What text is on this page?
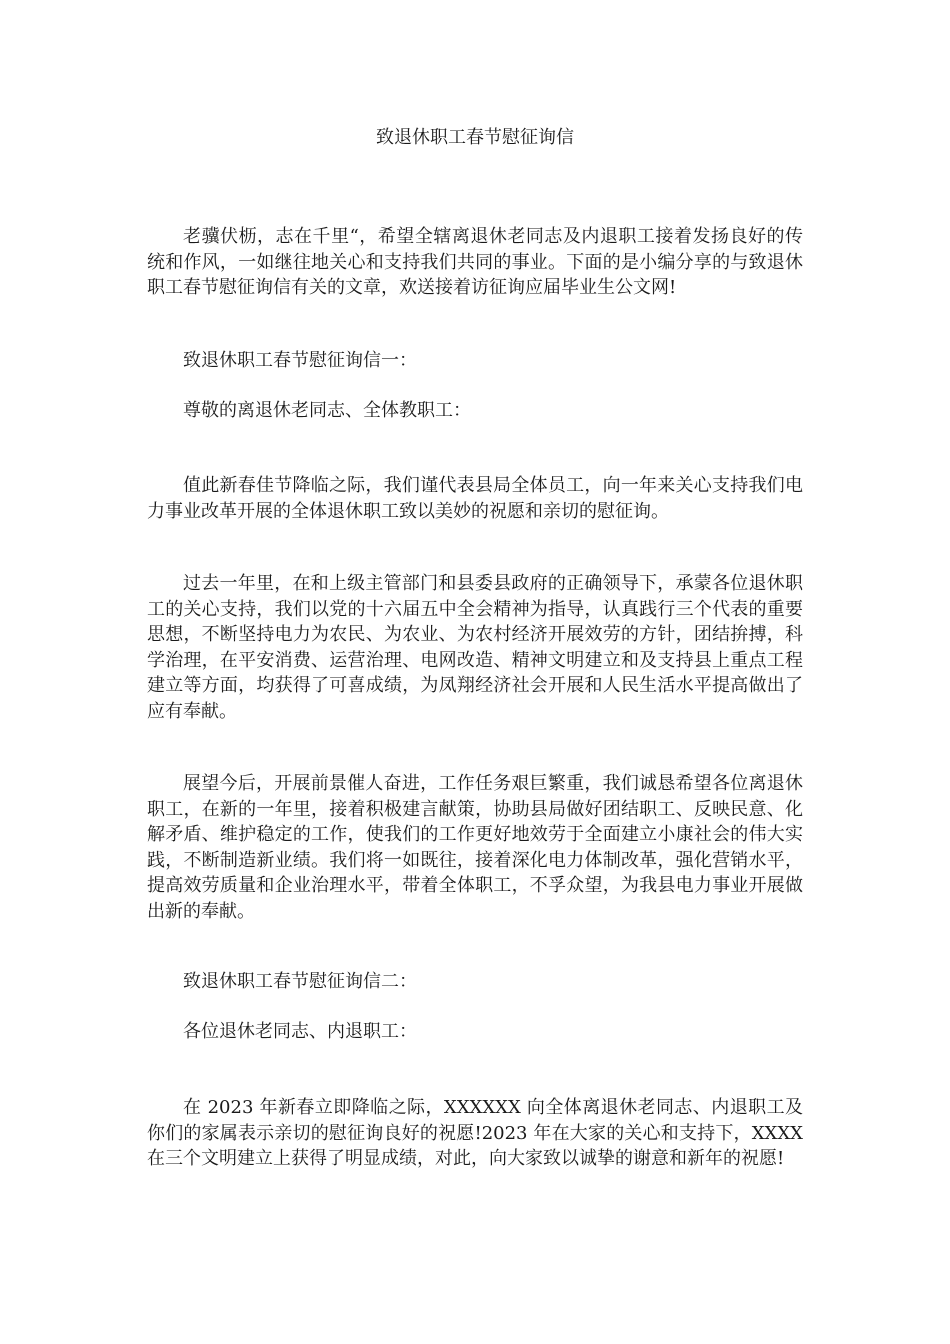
致退休职工春节慰征询信

老骥伏枥，志在千里“，希望全辖离退休老同志及内退职工接着发扬良好的传统和作风，一如继往地关心和支持我们共同的事业。下面的是小编分享的与致退休职工春节慰征询信有关的文章，欢送接着访征询应届毕业生公文网!

致退休职工春节慰征询信一：

尊敬的离退休老同志、全体教职工：

值此新春佳节降临之际，我们谨代表县局全体员工，向一年来关心支持我们电力事业改革开展的全体退休职工致以美妙的祝愿和亲切的慰征询。

过去一年里，在和上级主管部门和县委县政府的正确领导下，承蒙各位退休职工的关心支持，我们以党的十六届五中全会精神为指导，认真践行三个代表的重要思想，不断坚持电力为农民、为农业、为农村经济开展效劳的方针，团结拚搏，科学治理，在平安消费、运营治理、电网改造、精神文明建立和及支持县上重点工程建立等方面，均获得了可喜成绩，为凤翔经济社会开展和人民生活水平提高做出了应有奉献。

展望今后，开展前景催人奋进，工作任务艰巨繁重，我们诚恳希望各位离退休职工，在新的一年里，接着积极建言献策，协助县局做好团结职工、反映民意、化解矛盾、维护稳定的工作，使我们的工作更好地效劳于全面建立小康社会的伟大实践，不断制造新业绩。我们将一如既往，接着深化电力体制改革，强化营销水平，提高效劳质量和企业治理水平，带着全体职工，不孚众望，为我县电力事业开展做出新的奉献。

致退休职工春节慰征询信二：

各位退休老同志、内退职工：

在 2023 年新春立即降临之际，XXXXXX 向全体离退休老同志、内退职工及你们的家属表示亲切的慰征询良好的祝愿!2023 年在大家的关心和支持下，XXXX 在三个文明建立上获得了明显成绩，对此，向大家致以诚挚的谢意和新年的祝愿!
